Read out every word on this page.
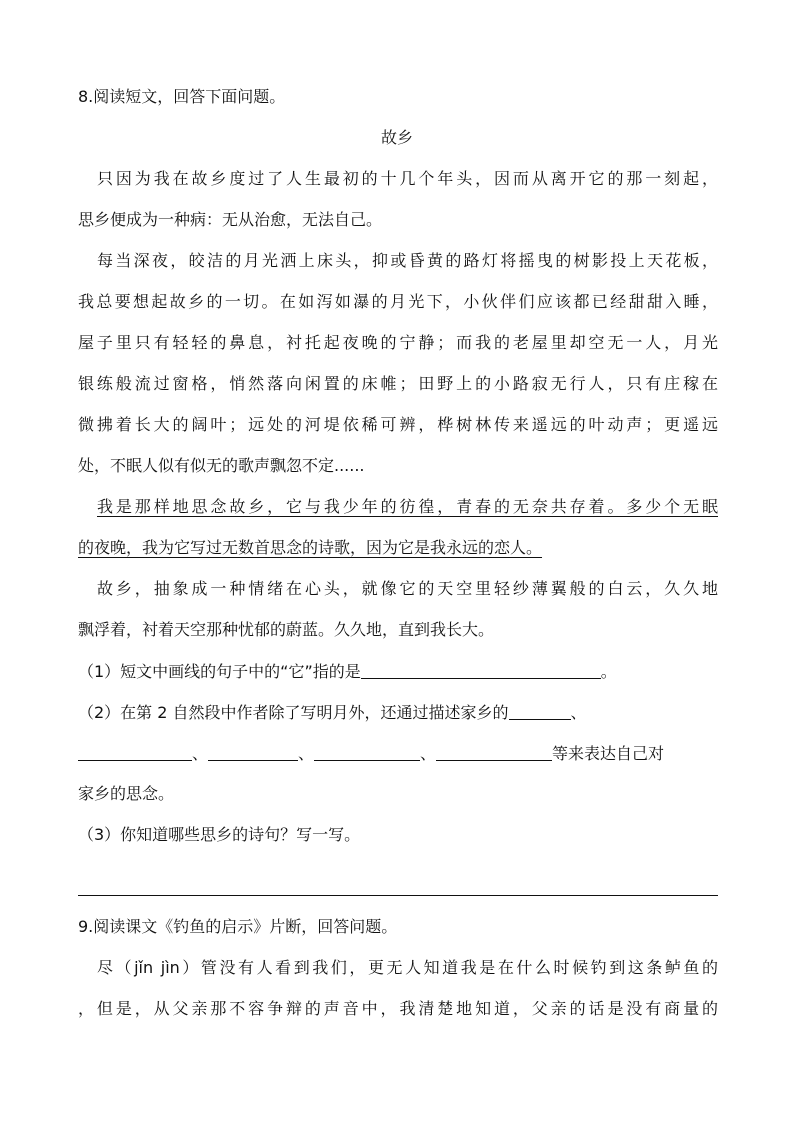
8.阅读短文，回答下面问题。
故乡
只因为我在故乡度过了人生最初的十几个年头，因而从离开它的那一刻起，
思乡便成为一种病：无从治愈，无法自己。
每当深夜，皎洁的月光洒上床头，抑或昏黄的路灯将摇曳的树影投上天花板，
我总要想起故乡的一切。在如泻如瀑的月光下，小伙伴们应该都已经甜甜入睡，
屋子里只有轻轻的鼻息，衬托起夜晚的宁静；而我的老屋里却空无一人，月光
银练般流过窗格，悄然落向闲置的床帷；田野上的小路寂无行人，只有庄稼在
微拂着长大的阔叶；远处的河堤依稀可辨，桦树林传来遥远的叶动声；更遥远
处，不眠人似有似无的歌声飘忽不定......
我是那样地思念故乡，它与我少年的彷徨，青春的无奈共存着。多少个无眠
的夜晚，我为它写过无数首思念的诗歌，因为它是我永远的恋人。
故乡，抽象成一种情绪在心头，就像它的天空里轻纱薄翼般的白云，久久地
飘浮着，衬着天空那种忧郁的蔚蓝。久久地，直到我长大。
（1）短文中画线的句子中的“它”指的是	。
（2）在第 2 自然段中作者除了写明月外，还通过描述家乡的	、
、	、	、	等来表达自己对
家乡的思念。
（3）你知道哪些思乡的诗句？写一写。
9.阅读课文《钓鱼的启示》片断，回答问题。
尽（jǐn jìn）管没有人看到我们，更无人知道我是在什么时候钓到这条鲈鱼的
，但是，从父亲那不容争辩的声音中，我清楚地知道，父亲的话是没有商量的
